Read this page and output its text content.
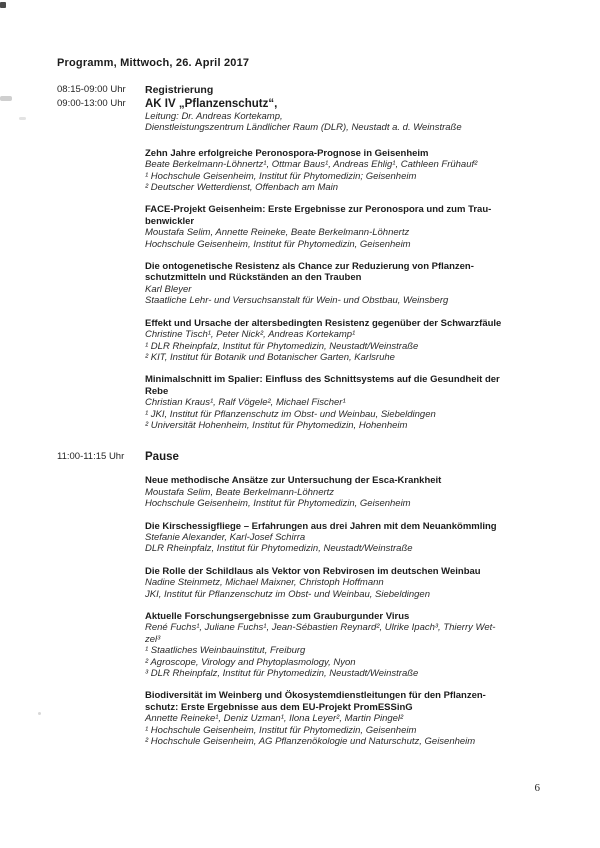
Programm, Mittwoch, 26. April 2017
08:15-09:00 Uhr
09:00-13:00 Uhr
Registrierung
AK IV „Pflanzenschutz“,
Leitung: Dr. Andreas Kortekamp,
Dienstleistungszentrum Ländlicher Raum (DLR), Neustadt a. d. Weinstraße
Zehn Jahre erfolgreiche Peronospora-Prognose in Geisenheim
Beate Berkelmann-Löhnertz¹, Ottmar Baus¹, Andreas Ehlig¹, Cathleen Frühauf²
¹ Hochschule Geisenheim, Institut für Phytomedizin; Geisenheim
² Deutscher Wetterdienst, Offenbach am Main
FACE-Projekt Geisenheim: Erste Ergebnisse zur Peronospora und zum Trau-
benwickler
Moustafa Selim, Annette Reineke, Beate Berkelmann-Löhnertz
Hochschule Geisenheim, Institut für Phytomedizin, Geisenheim
Die ontogenetische Resistenz als Chance zur Reduzierung von Pflanzen-
schutzmitteln und Rückständen an den Trauben
Karl Bleyer
Staatliche Lehr- und Versuchsanstalt für Wein- und Obstbau, Weinsberg
Effekt und Ursache der altersbedingten Resistenz gegenüber der Schwarzfäule
Christine Tisch¹, Peter Nick², Andreas Kortekamp¹
¹ DLR Rheinpfalz, Institut für Phytomedizin, Neustadt/Weinstraße
² KIT, Institut für Botanik und Botanischer Garten, Karlsruhe
Minimalschnitt im Spalier: Einfluss des Schnittsystems auf die Gesundheit der
Rebe
Christian Kraus¹, Ralf Vögele², Michael Fischer¹
¹ JKI, Institut für Pflanzenschutz im Obst- und Weinbau, Siebeldingen
² Universität Hohenheim, Institut für Phytomedizin, Hohenheim
11:00-11:15 Uhr	Pause
Neue methodische Ansätze zur Untersuchung der Esca-Krankheit
Moustafa Selim, Beate Berkelmann-Löhnertz
Hochschule Geisenheim, Institut für Phytomedizin, Geisenheim
Die Kirschessigfliege – Erfahrungen aus drei Jahren mit dem Neuankömmling
Stefanie Alexander, Karl-Josef Schirra
DLR Rheinpfalz, Institut für Phytomedizin, Neustadt/Weinstraße
Die Rolle der Schildlaus als Vektor von Rebvirosen im deutschen Weinbau
Nadine Steinmetz, Michael Maixner, Christoph Hoffmann
JKI, Institut für Pflanzenschutz im Obst- und Weinbau, Siebeldingen
Aktuelle Forschungsergebnisse zum Grauburgunder Virus
René Fuchs¹, Juliane Fuchs¹, Jean-Sébastien Reynard², Ulrike Ipach³, Thierry Wet-
zel³
¹ Staatliches Weinbauinstitut, Freiburg
² Agroscope, Virology and Phytoplasmology, Nyon
³ DLR Rheinpfalz, Institut für Phytomedizin, Neustadt/Weinstraße
Biodiversität im Weinberg und Ökosystemdienstleitungen für den Pflanzen-
schutz: Erste Ergebnisse aus dem EU-Projekt PromESSinG
Annette Reineke¹, Deniz Uzman¹, Ilona Leyer², Martin Pingel²
¹ Hochschule Geisenheim, Institut für Phytomedizin, Geisenheim
² Hochschule Geisenheim, AG Pflanzenökologie und Naturschutz, Geisenheim
6
